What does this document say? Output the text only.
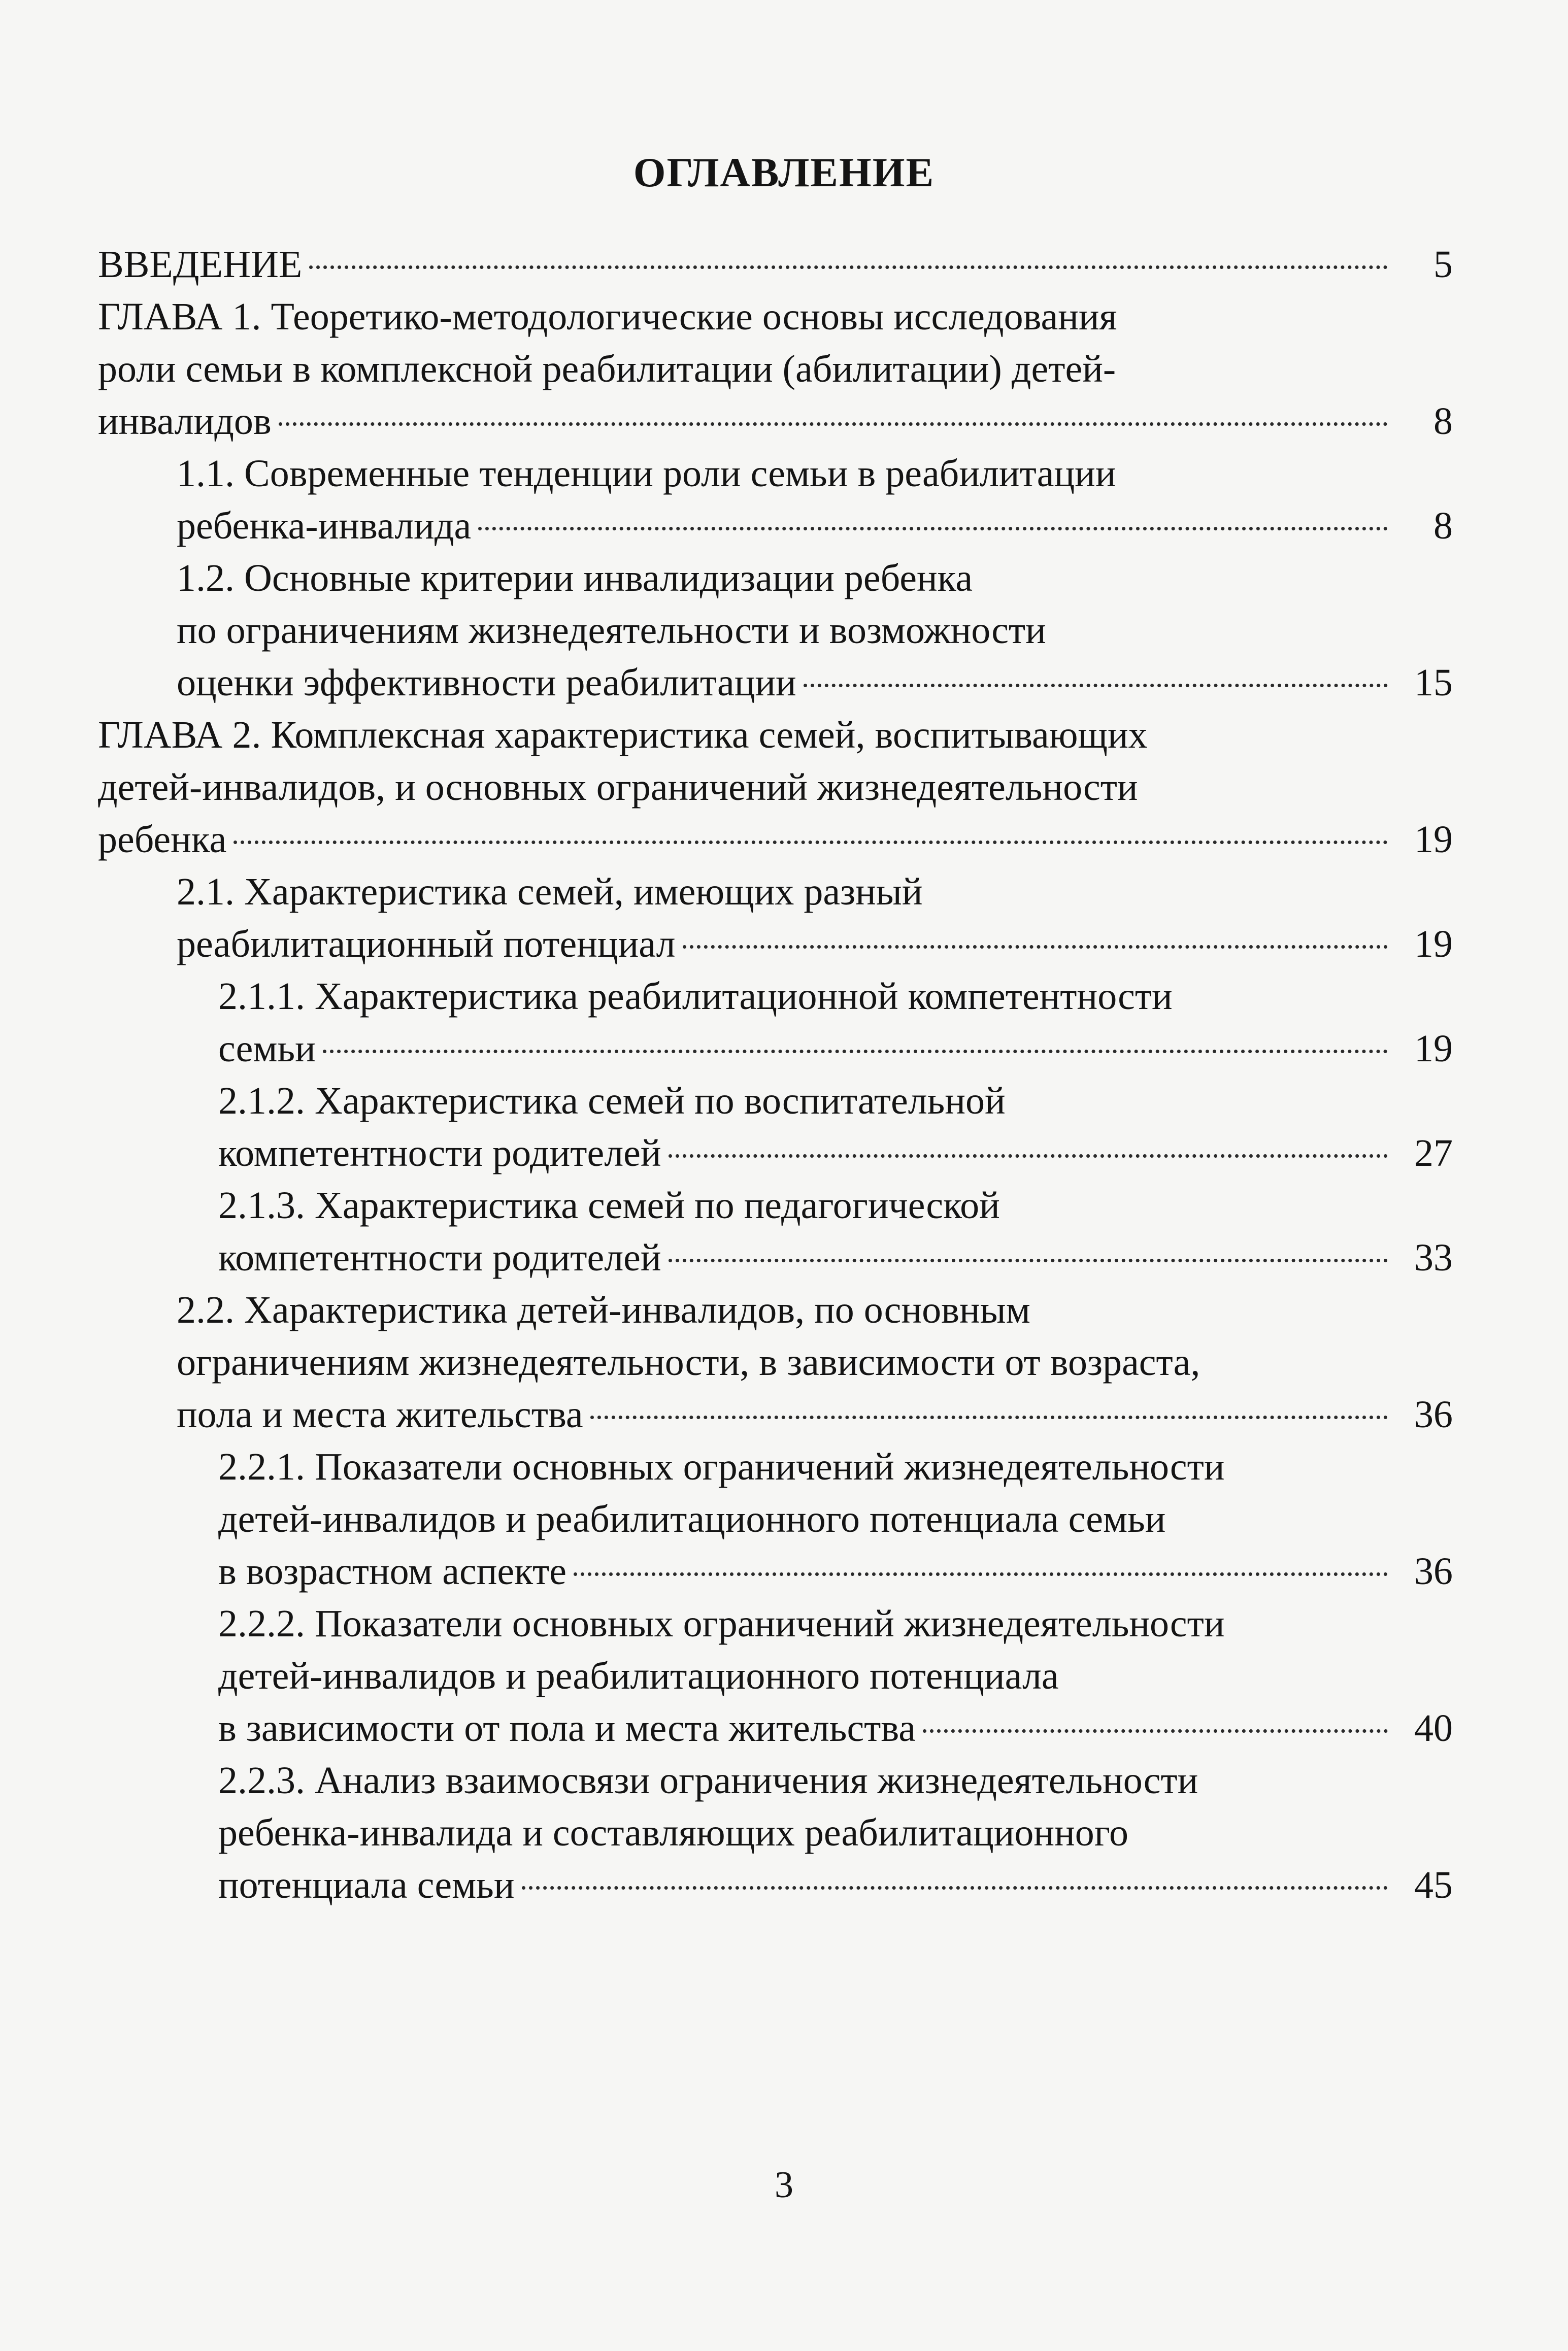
ОГЛАВЛЕНИЕ
ВВЕДЕНИЕ	5
ГЛАВА 1. Теоретико-методологические основы исследования
роли семьи в комплексной реабилитации (абилитации) детей-
инвалидов	8
1.1. Современные тенденции роли семьи в реабилитации
ребенка-инвалида	8
1.2. Основные критерии инвалидизации ребенка
по ограничениям жизнедеятельности и возможности
оценки эффективности реабилитации	15
ГЛАВА 2. Комплексная характеристика семей, воспитывающих
детей-инвалидов, и основных ограничений жизнедеятельности
ребенка	19
2.1. Характеристика семей, имеющих разный
реабилитационный потенциал	19
2.1.1. Характеристика реабилитационной компетентности
семьи	19
2.1.2. Характеристика семей по воспитательной
компетентности родителей	27
2.1.3. Характеристика семей по педагогической
компетентности родителей	33
2.2. Характеристика детей-инвалидов, по основным
ограничениям жизнедеятельности, в зависимости от возраста,
пола и места жительства	36
2.2.1. Показатели основных ограничений жизнедеятельности
детей-инвалидов и реабилитационного потенциала семьи
в возрастном аспекте	36
2.2.2. Показатели основных ограничений жизнедеятельности
детей-инвалидов и реабилитационного потенциала
в зависимости от пола и места жительства	40
2.2.3. Анализ взаимосвязи ограничения жизнедеятельности
ребенка-инвалида и составляющих реабилитационного
потенциала семьи	45
3
